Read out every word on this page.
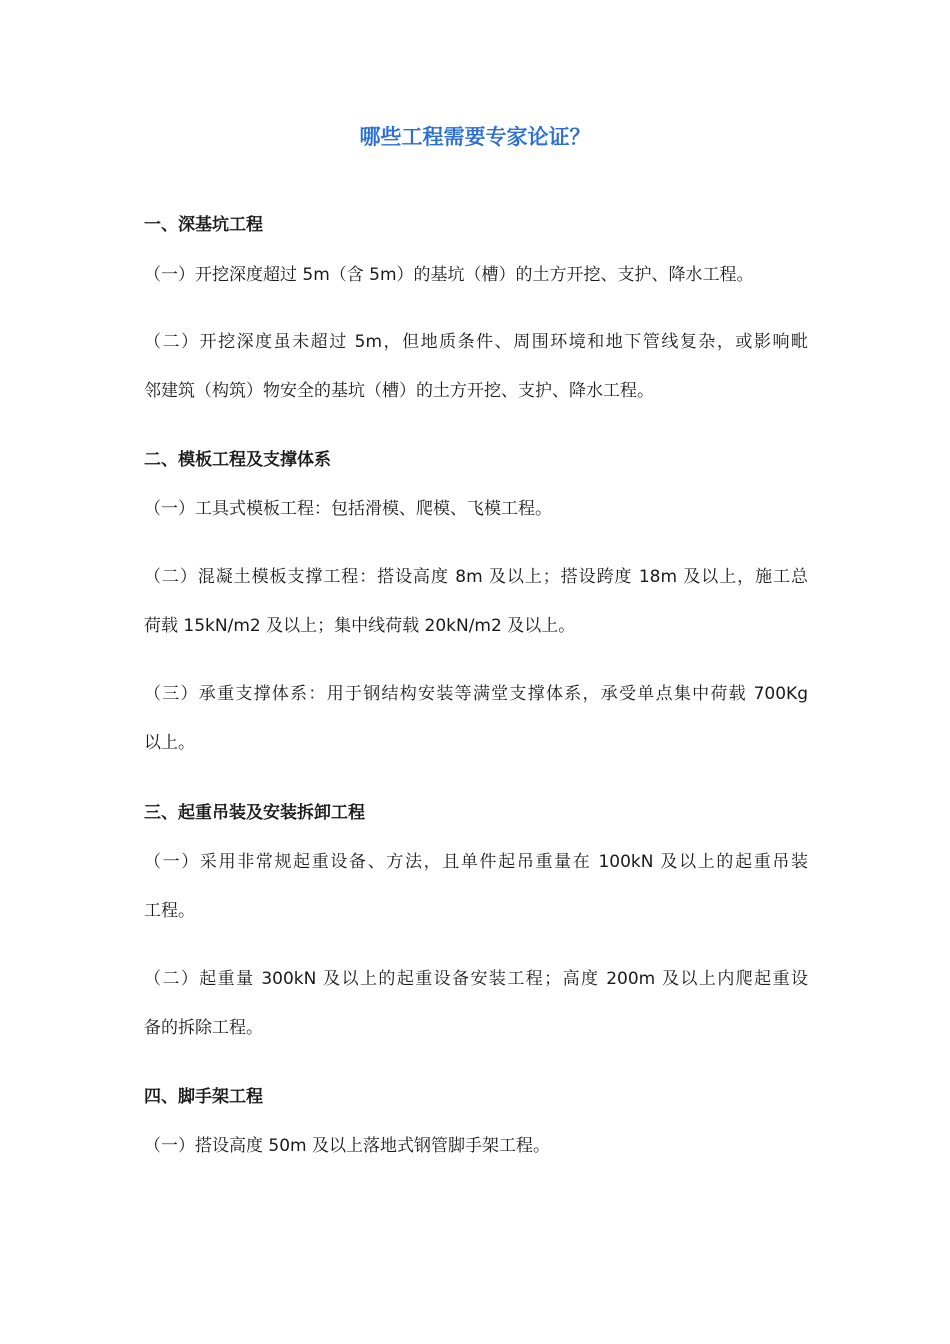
哪些工程需要专家论证？
一、深基坑工程
（一）开挖深度超过 5m（含 5m）的基坑（槽）的土方开挖、支护、降水工程。
（二）开挖深度虽未超过 5m，但地质条件、周围环境和地下管线复杂，或影响毗
邻建筑（构筑）物安全的基坑（槽）的土方开挖、支护、降水工程。
二、模板工程及支撑体系
（一）工具式模板工程：包括滑模、爬模、飞模工程。
（二）混凝土模板支撑工程：搭设高度 8m 及以上；搭设跨度 18m 及以上，施工总
荷载 15kN/m2 及以上；集中线荷载 20kN/m2 及以上。
（三）承重支撑体系：用于钢结构安装等满堂支撑体系，承受单点集中荷载 700Kg
以上。
三、起重吊装及安装拆卸工程
（一）采用非常规起重设备、方法，且单件起吊重量在 100kN 及以上的起重吊装
工程。
（二）起重量 300kN 及以上的起重设备安装工程；高度 200m 及以上内爬起重设
备的拆除工程。
四、脚手架工程
（一）搭设高度 50m 及以上落地式钢管脚手架工程。
